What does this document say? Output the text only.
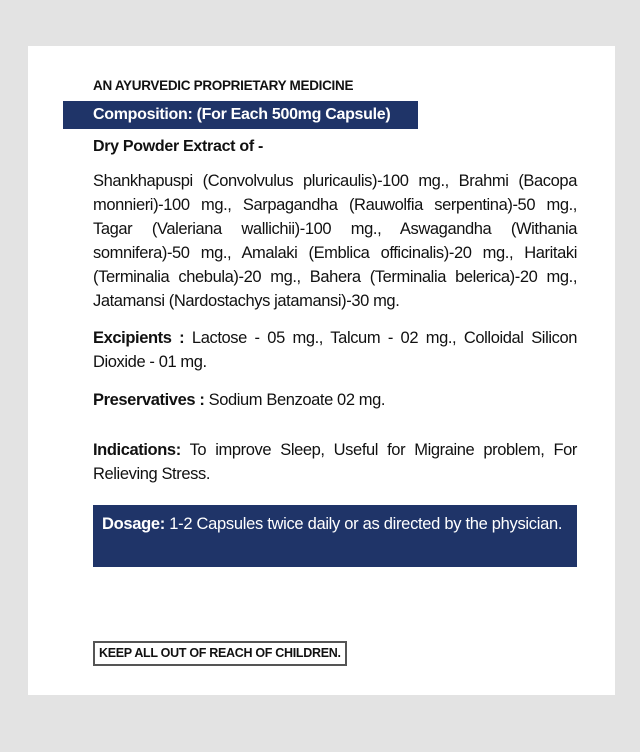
AN AYURVEDIC PROPRIETARY MEDICINE

Composition: (For Each 500mg Capsule)

Dry Powder Extract of -

Shankhapuspi (Convolvulus pluricaulis)-100 mg., Brahmi (Bacopa monnieri)-100 mg., Sarpagandha (Rauwolfia serpentina)-50 mg., Tagar (Valeriana wallichii)-100 mg., Aswagandha (Withania somnifera)-50 mg., Amalaki (Emblica officinalis)-20 mg., Haritaki (Terminalia chebula)-20 mg., Bahera (Terminalia belerica)-20 mg., Jatamansi (Nardostachys jatamansi)-30 mg.

Excipients : Lactose - 05 mg., Talcum - 02 mg., Colloidal Silicon Dioxide - 01 mg.

Preservatives : Sodium Benzoate 02 mg.

Indications: To improve Sleep, Useful for Migraine problem, For Relieving Stress.

Dosage: 1-2 Capsules twice daily or as directed by the physician.
KEEP ALL OUT OF REACH OF CHILDREN.
